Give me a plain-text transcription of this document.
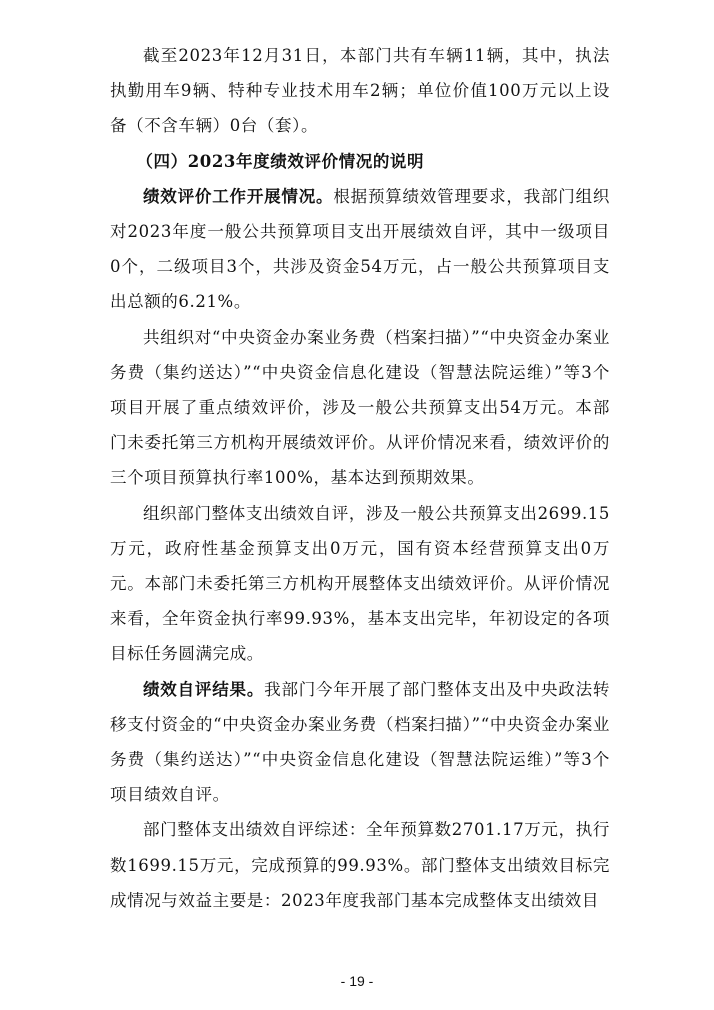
截至2023年12月31日，本部门共有车辆11辆，其中，执法执勤用车9辆、特种专业技术用车2辆；单位价值100万元以上设备（不含车辆）0台（套）。

（四）2023年度绩效评价情况的说明

绩效评价工作开展情况。根据预算绩效管理要求，我部门组织对2023年度一般公共预算项目支出开展绩效自评，其中一级项目0个，二级项目3个，共涉及资金54万元，占一般公共预算项目支出总额的6.21%。

共组织对“中央资金办案业务费（档案扫描）”“中央资金办案业务费（集约送达）”“中央资金信息化建设（智慧法院运维）”等3个项目开展了重点绩效评价，涉及一般公共预算支出54万元。本部门未委托第三方机构开展绩效评价。从评价情况来看，绩效评价的三个项目预算执行率100%，基本达到预期效果。

组织部门整体支出绩效自评，涉及一般公共预算支出2699.15万元，政府性基金预算支出0万元，国有资本经营预算支出0万元。本部门未委托第三方机构开展整体支出绩效评价。从评价情况来看，全年资金执行率99.93%，基本支出完毕，年初设定的各项目标任务圆满完成。

绩效自评结果。我部门今年开展了部门整体支出及中央政法转移支付资金的“中央资金办案业务费（档案扫描）”“中央资金办案业务费（集约送达）”“中央资金信息化建设（智慧法院运维）”等3个项目绩效自评。

部门整体支出绩效自评综述：全年预算数2701.17万元，执行数1699.15万元，完成预算的99.93%。部门整体支出绩效目标完成情况与效益主要是：2023年度我部门基本完成整体支出绩效目

- 19 -
